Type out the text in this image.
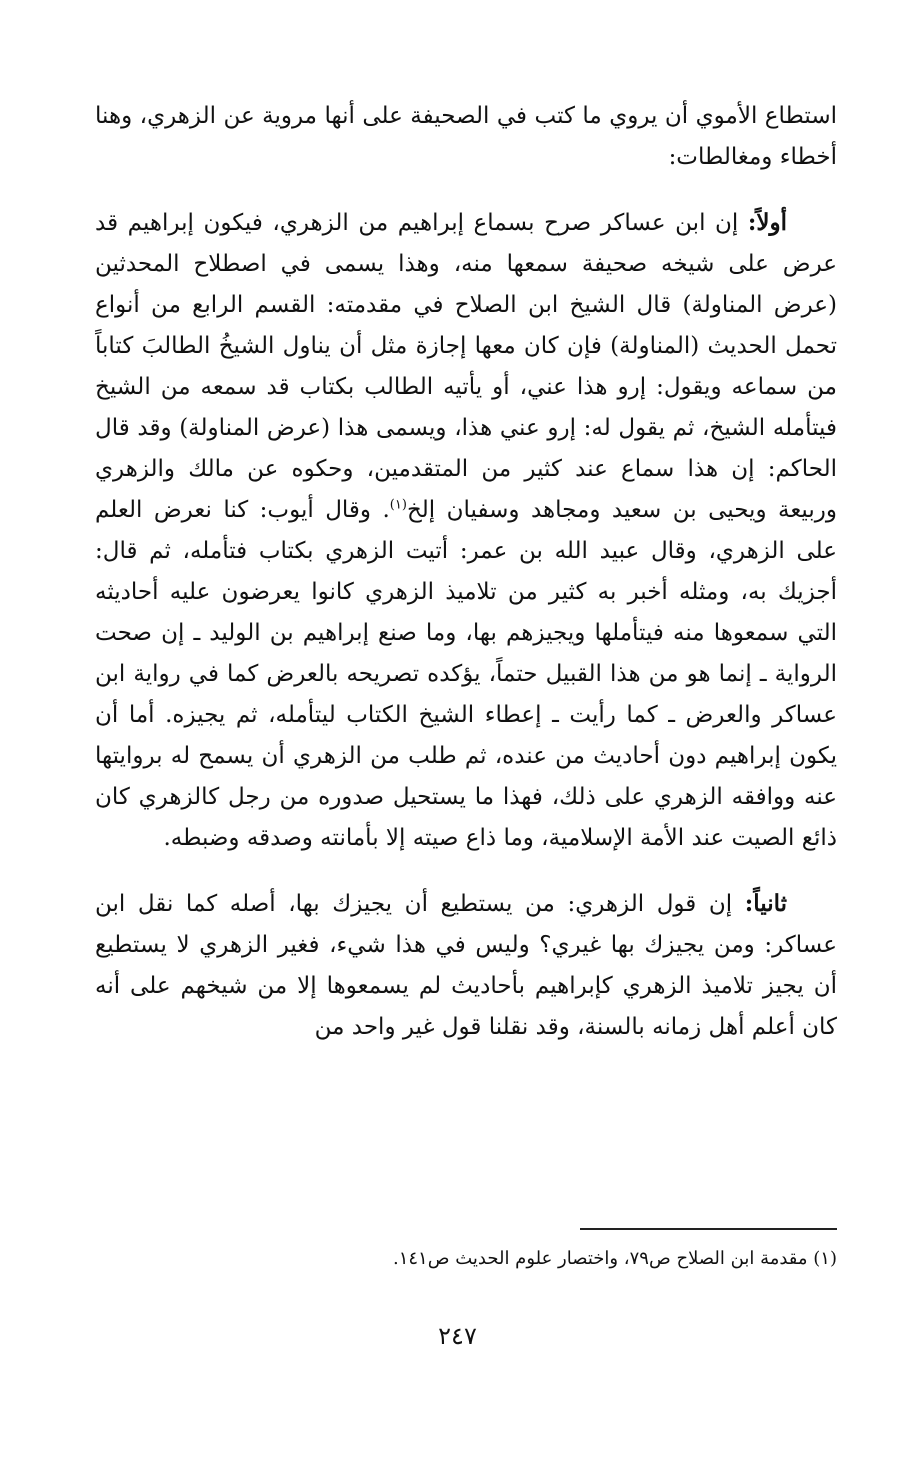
استطاع الأموي أن يروي ما كتب في الصحيفة على أنها مروية عن الزهري، وهنا أخطاء ومغالطات:

أولاً: إن ابن عساكر صرح بسماع إبراهيم من الزهري، فيكون إبراهيم قد عرض على شيخه صحيفة سمعها منه، وهذا يسمى في اصطلاح المحدثين (عرض المناولة) قال الشيخ ابن الصلاح في مقدمته: القسم الرابع من أنواع تحمل الحديث (المناولة) فإن كان معها إجازة مثل أن يناول الشيخُ الطالبَ كتاباً من سماعه ويقول: إرو هذا عني، أو يأتيه الطالب بكتاب قد سمعه من الشيخ فيتأمله الشيخ، ثم يقول له: إرو عني هذا، ويسمى هذا (عرض المناولة) وقد قال الحاكم: إن هذا سماع عند كثير من المتقدمين، وحكوه عن مالك والزهري وربيعة ويحيى بن سعيد ومجاهد وسفيان إلخ$^{(١)}$. وقال أيوب: كنا نعرض العلم على الزهري، وقال عبيد الله بن عمر: أتيت الزهري بكتاب فتأمله، ثم قال: أجزيك به، ومثله أخبر به كثير من تلاميذ الزهري كانوا يعرضون عليه أحاديثه التي سمعوها منه فيتأملها ويجيزهم بها، وما صنع إبراهيم بن الوليد ـ إن صحت الرواية ـ إنما هو من هذا القبيل حتماً، يؤكده تصريحه بالعرض كما في رواية ابن عساكر والعرض ـ كما رأيت ـ إعطاء الشيخ الكتاب ليتأمله، ثم يجيزه. أما أن يكون إبراهيم دون أحاديث من عنده، ثم طلب من الزهري أن يسمح له بروايتها عنه ووافقه الزهري على ذلك، فهذا ما يستحيل صدوره من رجل كالزهري كان ذائع الصيت عند الأمة الإسلامية، وما ذاع صيته إلا بأمانته وصدقه وضبطه.

ثانياً: إن قول الزهري: من يستطيع أن يجيزك بها، أصله كما نقل ابن عساكر: ومن يجيزك بها غيري؟ وليس في هذا شيء، فغير الزهري لا يستطيع أن يجيز تلاميذ الزهري كإبراهيم بأحاديث لم يسمعوها إلا من شيخهم على أنه كان أعلم أهل زمانه بالسنة، وقد نقلنا قول غير واحد من

(١) مقدمة ابن الصلاح ص٧٩، واختصار علوم الحديث ص١٤١.
٢٤٧
